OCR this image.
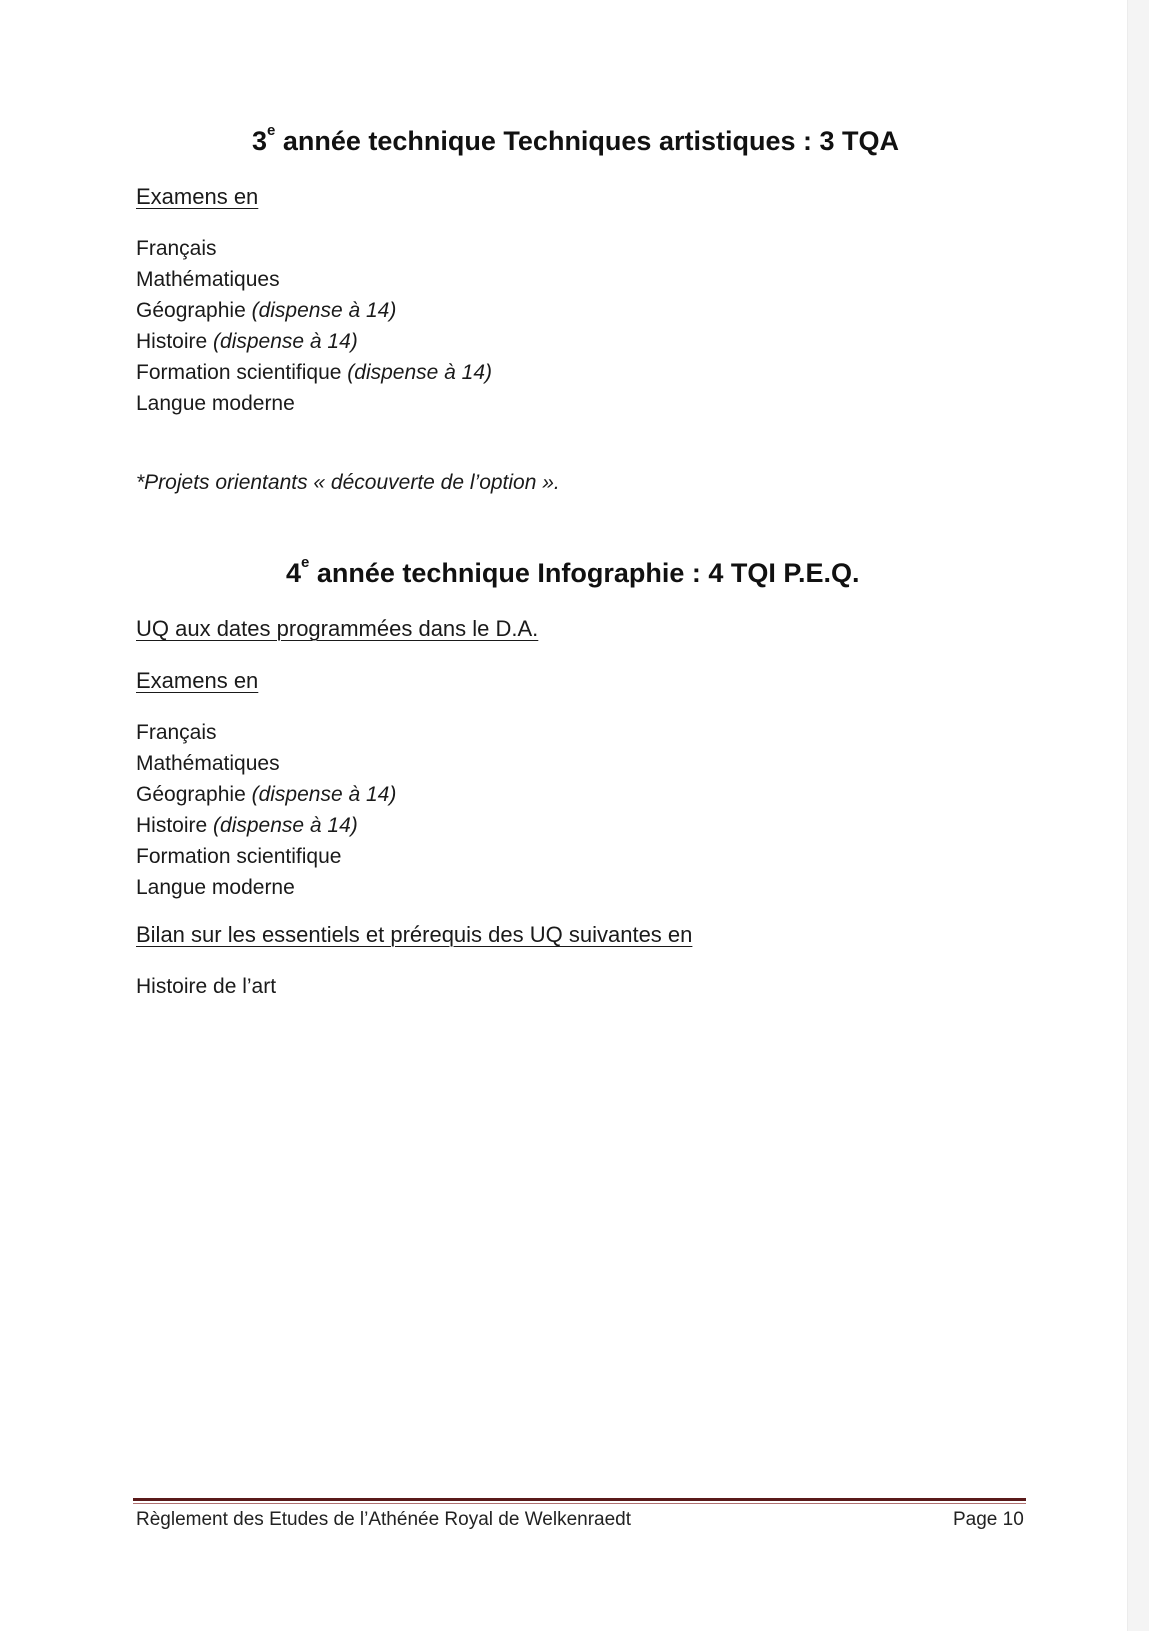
3e année technique Techniques artistiques : 3 TQA
Examens en
Français
Mathématiques
Géographie (dispense à 14)
Histoire (dispense à 14)
Formation scientifique (dispense à 14)
Langue moderne
*Projets orientants « découverte de l’option ».
4e année technique Infographie : 4 TQI P.E.Q.
UQ aux dates programmées dans le D.A.
Examens en
Français
Mathématiques
Géographie (dispense à 14)
Histoire (dispense à 14)
Formation scientifique
Langue moderne
Bilan sur les essentiels et prérequis des UQ suivantes en
Histoire de l’art
Règlement des Etudes de l’Athénée Royal de Welkenraedt	Page 10
